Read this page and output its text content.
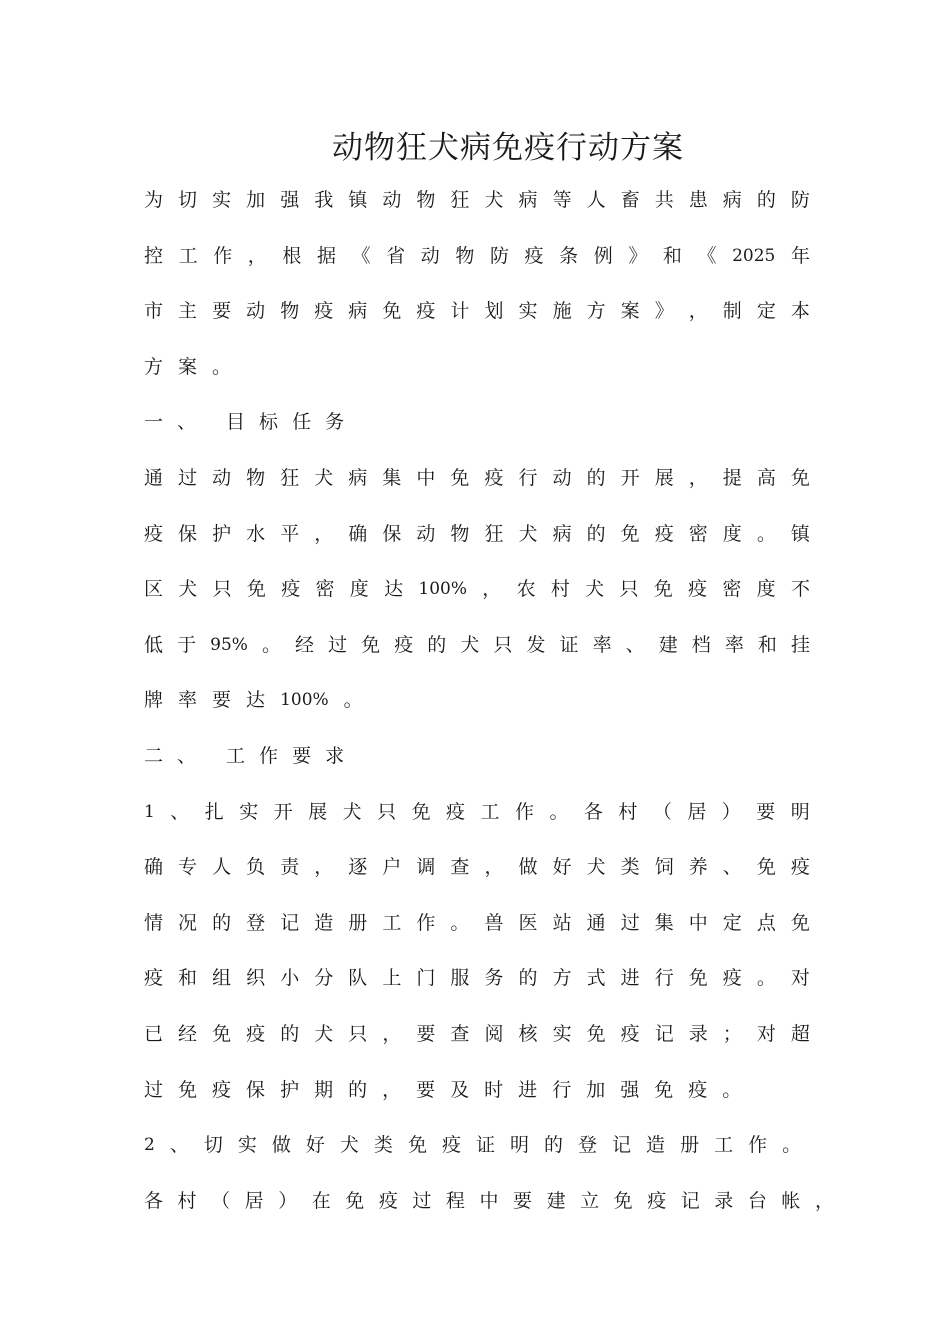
动物狂犬病免疫行动方案
为 切 实 加 强 我 镇 动 物 狂 犬 病 等 人 畜 共 患 病 的 防
控 工 作 ， 根 据 《 省 动 物 防 疫 条 例 》 和 《 2025 年
市 主 要 动 物 疫 病 免 疫 计 划 实 施 方 案 》 ， 制 定 本
方 案 。
一 、 目 标 任 务
通 过 动 物 狂 犬 病 集 中 免 疫 行 动 的 开 展 ， 提 高 免
疫 保 护 水 平 ， 确 保 动 物 狂 犬 病 的 免 疫 密 度 。 镇
区 犬 只 免 疫 密 度 达 100% ， 农 村 犬 只 免 疫 密 度 不
低 于 95% 。 经 过 免 疫 的 犬 只 发 证 率 、 建 档 率 和 挂
牌 率 要 达 100% 。
二 、 工 作 要 求
1 、 扎 实 开 展 犬 只 免 疫 工 作 。 各 村 （ 居 ） 要 明
确 专 人 负 责 ， 逐 户 调 查 ， 做 好 犬 类 饲 养 、 免 疫
情 况 的 登 记 造 册 工 作 。 兽 医 站 通 过 集 中 定 点 免
疫 和 组 织 小 分 队 上 门 服 务 的 方 式 进 行 免 疫 。 对
已 经 免 疫 的 犬 只 ， 要 查 阅 核 实 免 疫 记 录 ； 对 超
过 免 疫 保 护 期 的 ， 要 及 时 进 行 加 强 免 疫 。
2 、 切 实 做 好 犬 类 免 疫 证 明 的 登 记 造 册 工 作 。
各 村 （ 居 ） 在 免 疫 过 程 中 要 建 立 免 疫 记 录 台 帐 ，
